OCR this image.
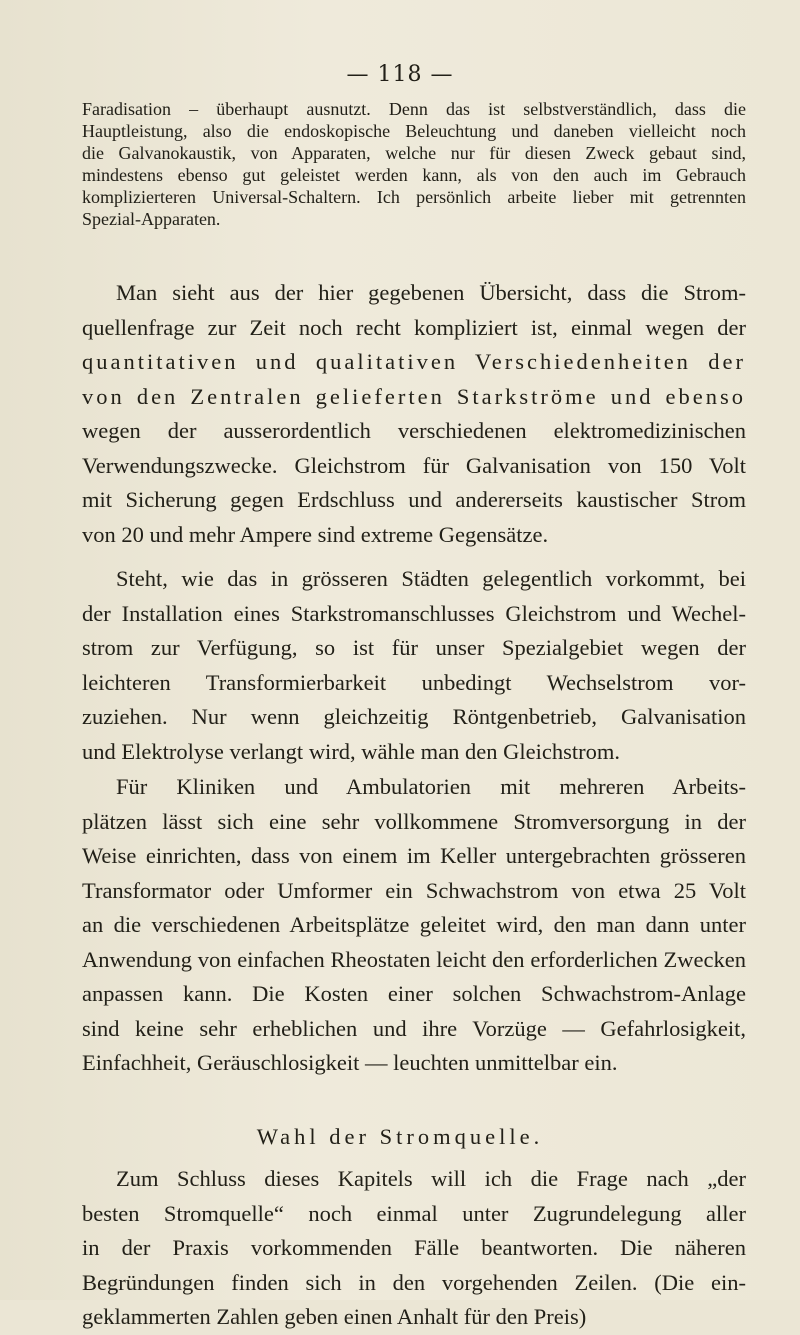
— 118 —
Faradisation – überhaupt ausnutzt. Denn das ist selbstverständlich, dass die
Hauptleistung, also die endoskopische Beleuchtung und daneben vielleicht noch
die Galvanokaustik, von Apparaten, welche nur für diesen Zweck gebaut sind,
mindestens ebenso gut geleistet werden kann, als von den auch im Gebrauch
komplizierteren Universal-Schaltern. Ich persönlich arbeite lieber mit getrennten
Spezial-Apparaten.
Man sieht aus der hier gegebenen Übersicht, dass die Strom-
quellenfrage zur Zeit noch recht kompliziert ist, einmal wegen der
quantitativen und qualitativen Verschiedenheiten der
von den Zentralen gelieferten Starkströme und ebenso
wegen der ausserordentlich verschiedenen elektromedizinischen
Verwendungszwecke. Gleichstrom für Galvanisation von 150 Volt
mit Sicherung gegen Erdschluss und andererseits kaustischer Strom
von 20 und mehr Ampere sind extreme Gegensätze.
Steht, wie das in grösseren Städten gelegentlich vorkommt, bei
der Installation eines Starkstromanschlusses Gleichstrom und Wechel-
strom zur Verfügung, so ist für unser Spezialgebiet wegen der
leichteren Transformierbarkeit unbedingt Wechselstrom vor-
zuziehen. Nur wenn gleichzeitig Röntgenbetrieb, Galvanisation
und Elektrolyse verlangt wird, wähle man den Gleichstrom.
Für Kliniken und Ambulatorien mit mehreren Arbeits-
plätzen lässt sich eine sehr vollkommene Stromversorgung in der
Weise einrichten, dass von einem im Keller untergebrachten grösseren
Transformator oder Umformer ein Schwachstrom von etwa 25 Volt
an die verschiedenen Arbeitsplätze geleitet wird, den man dann unter
Anwendung von einfachen Rheostaten leicht den erforderlichen Zwecken
anpassen kann. Die Kosten einer solchen Schwachstrom-Anlage
sind keine sehr erheblichen und ihre Vorzüge — Gefahrlosigkeit,
Einfachheit, Geräuschlosigkeit — leuchten unmittelbar ein.
Wahl der Stromquelle.
Zum Schluss dieses Kapitels will ich die Frage nach „der
besten Stromquelle“ noch einmal unter Zugrundelegung aller
in der Praxis vorkommenden Fälle beantworten. Die näheren
Begründungen finden sich in den vorgehenden Zeilen. (Die ein-
geklammerten Zahlen geben einen Anhalt für den Preis)
